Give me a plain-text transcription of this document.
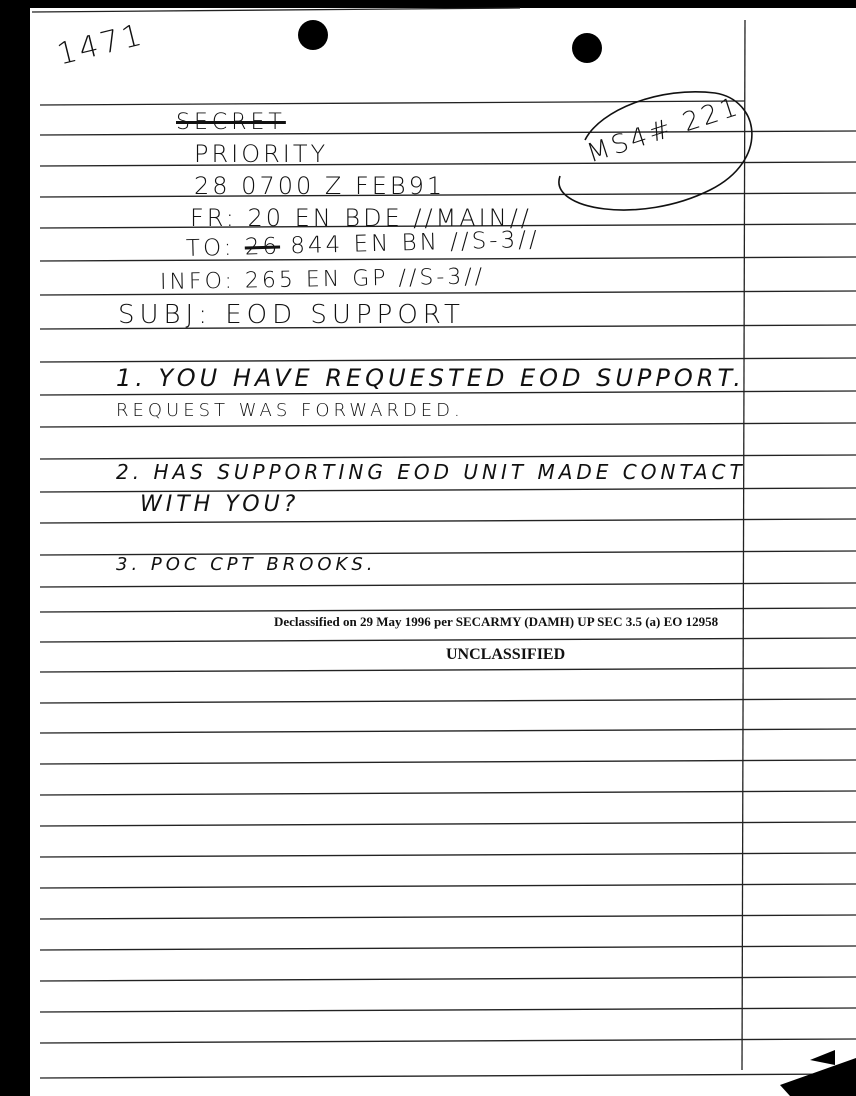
1471
SECRET
PRIORITY
28 0700 Z FEB91
FR: 20 EN BDE //MAIN//
TO: 26 844 EN BN //S-3//
INFO: 265 EN GP //S-3//
SUBJ: EOD SUPPORT
MS4# 221
1. YOU HAVE REQUESTED EOD SUPPORT.
REQUEST WAS FORWARDED.
2. HAS SUPPORTING EOD UNIT MADE CONTACT
WITH YOU?
3. POC CPT BROOKS.
Declassified on 29 May 1996 per SECARMY (DAMH) UP SEC 3.5 (a) EO 12958
UNCLASSIFIED
